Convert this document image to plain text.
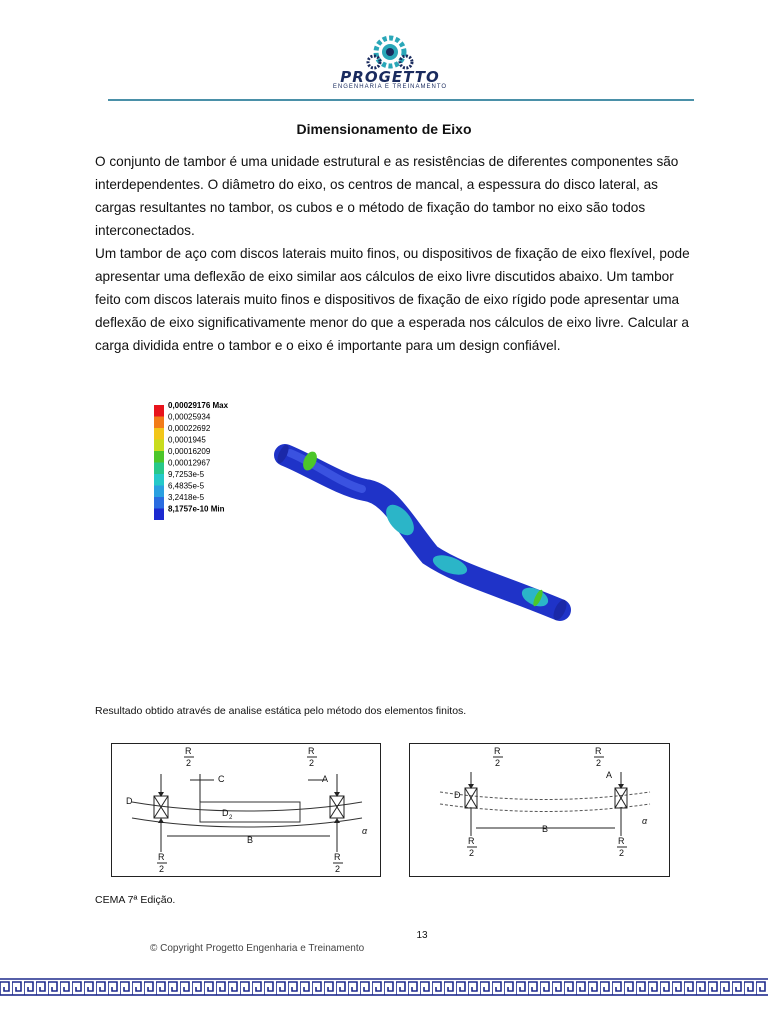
PROGETTO
ENGENHARIA E TREINAMENTO
Dimensionamento de Eixo

O conjunto de tambor é uma unidade estrutural e as resistências de diferentes componentes são interdependentes. O diâmetro do eixo, os centros de mancal, a espessura do disco lateral, as cargas resultantes no tambor, os cubos e o método de fixação do tambor no eixo são todos interconectados.

Um tambor de aço com discos laterais muito finos, ou dispositivos de fixação de eixo flexível, pode apresentar uma deflexão de eixo similar aos cálculos de eixo livre discutidos abaixo. Um tambor feito com discos laterais muito finos e dispositivos de fixação de eixo rígido pode apresentar uma deflexão de eixo significativamente menor do que a esperada nos cálculos de eixo livre. Calcular a carga dividida entre o tambor e o eixo é importante para um design confiável.

0,00029176 Max
0,00025934
0,00022692
0,0001945
0,00016209
0,00012967
9,7253e-5
6,4835e-5
3,2418e-5
8,1757e-10 Min
Resultado obtido através de analise estática pelo método dos elementos finitos.
R
2
R
2
C	A
D
D 2
B
α
R
2
R
2
R
2
R
2
A
D
B
α
R
2
R
2
CEMA 7ª Edição.
13
© Copyright Progetto Engenharia e Treinamento
